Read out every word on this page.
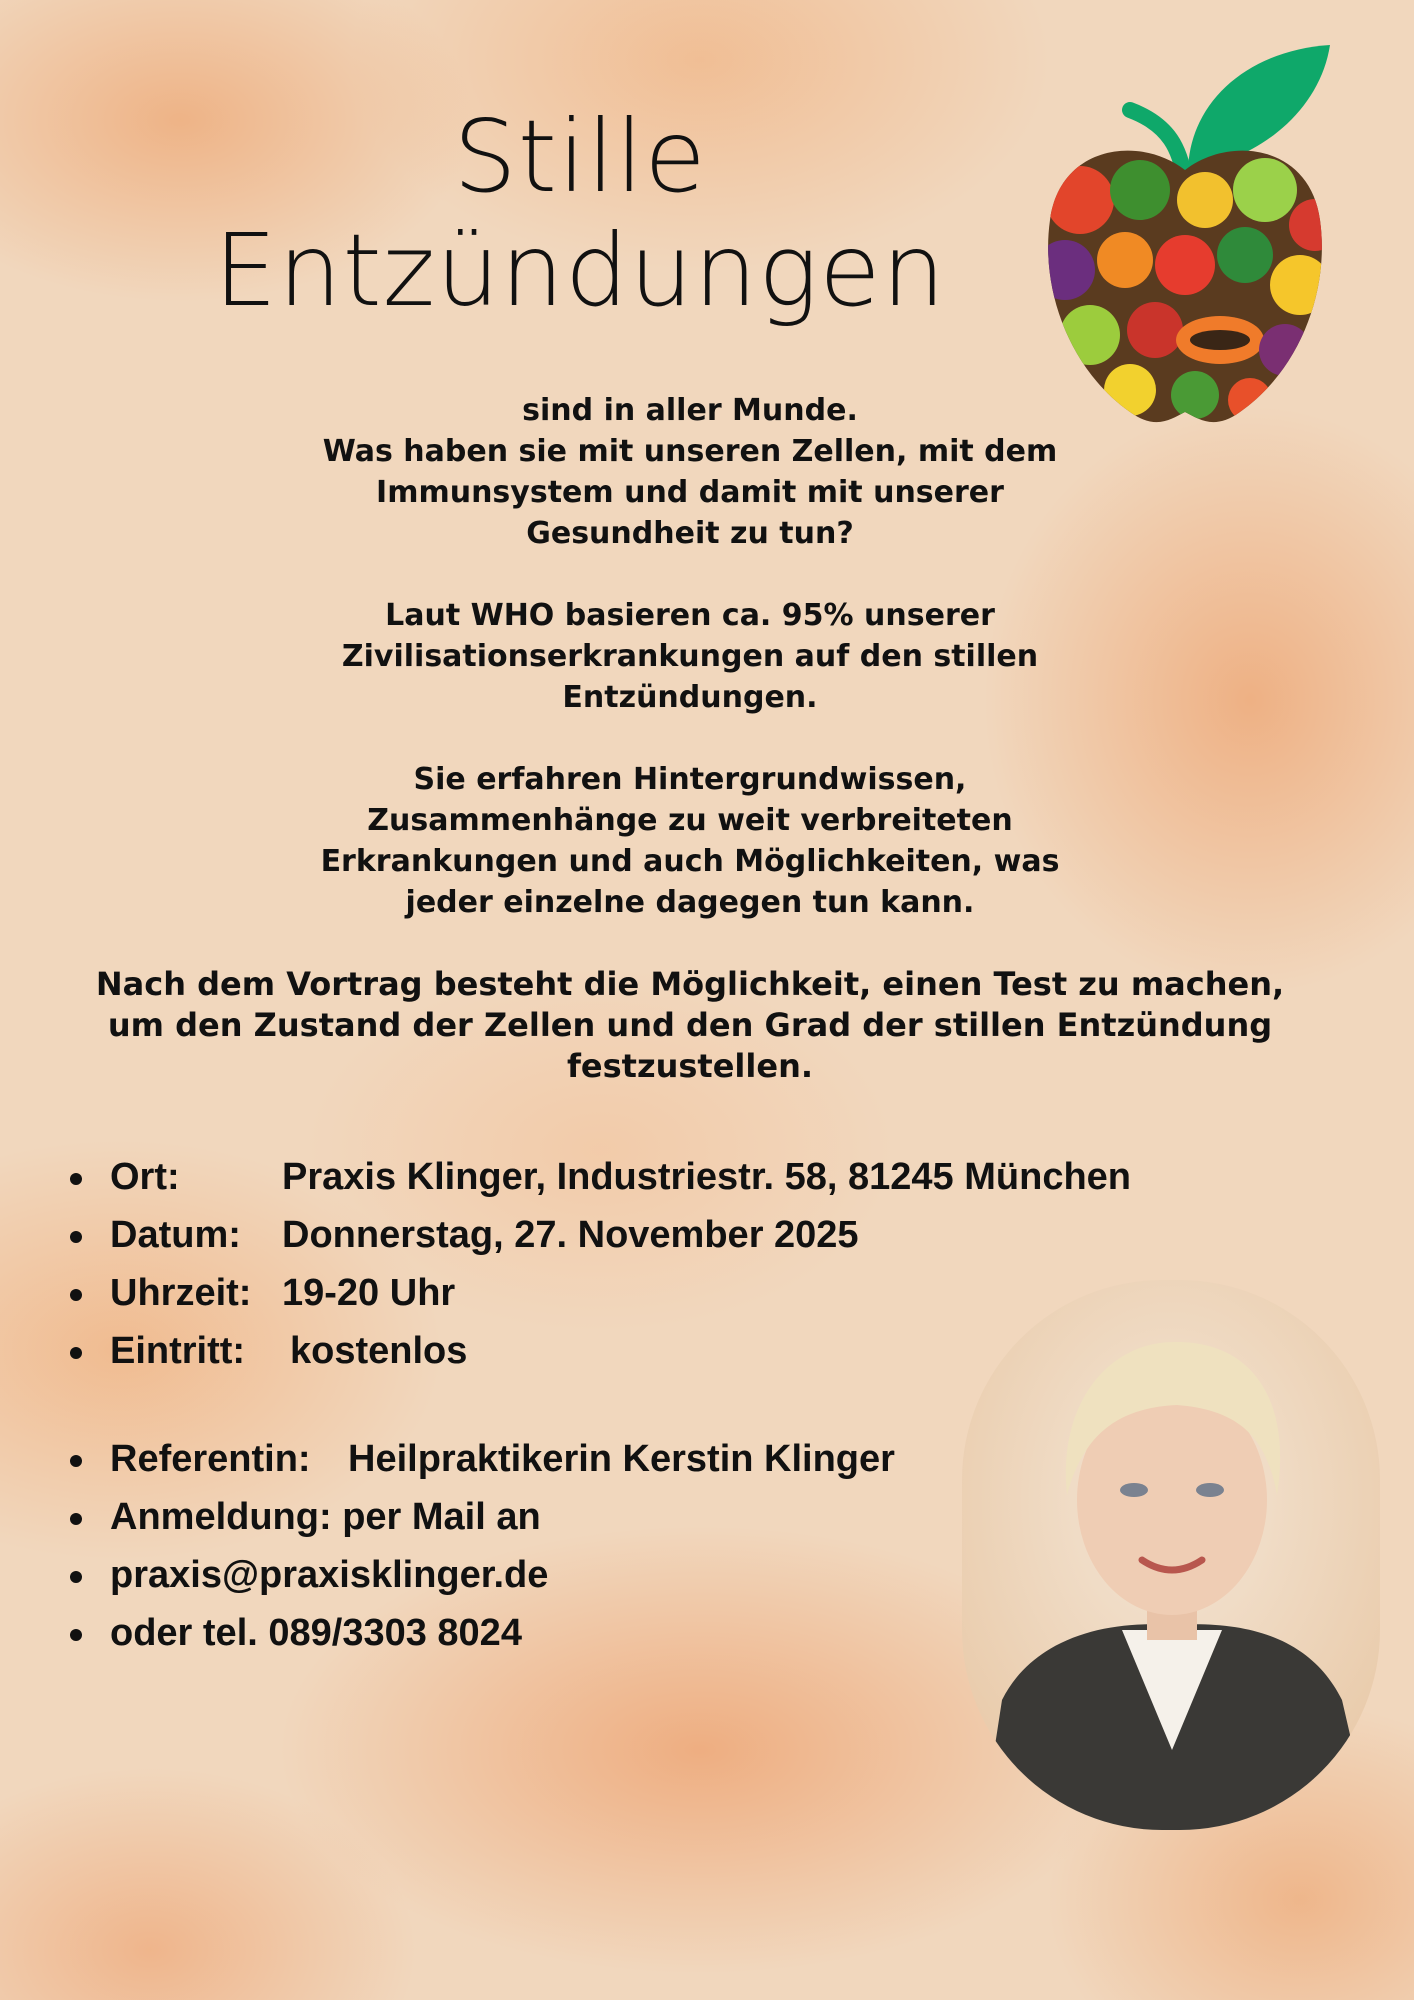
Stille
Entzündungen

sind in aller Munde.
Was haben sie mit unseren Zellen, mit dem
Immunsystem und damit mit unserer
Gesundheit zu tun?

Laut WHO basieren ca. 95% unserer
Zivilisationserkrankungen auf den stillen
Entzündungen.

Sie erfahren Hintergrundwissen,
Zusammenhänge zu weit verbreiteten
Erkrankungen und auch Möglichkeiten, was
jeder einzelne dagegen tun kann.

Nach dem Vortrag besteht die Möglichkeit, einen Test zu machen,
um den Zustand der Zellen und den Grad der stillen Entzündung
festzustellen.

Ort:	Praxis Klinger, Industriestr. 58, 81245 München
Datum: Donnerstag, 27. November 2025
Uhrzeit: 19-20 Uhr
Eintritt: kostenlos
Referentin: Heilpraktikerin Kerstin Klinger
Anmeldung: per Mail an
praxis@praxisklinger.de
oder tel. 089/3303 8024
